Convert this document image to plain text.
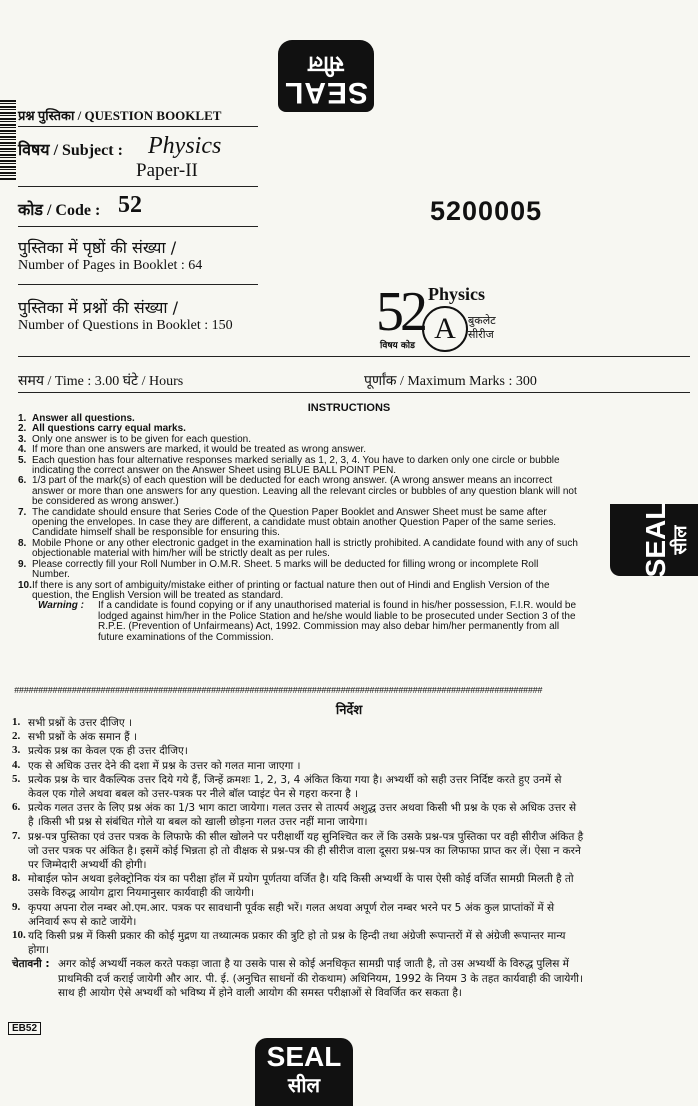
SEAL
सील
SEAL सील
SEAL
सील
प्रश्न पुस्तिका / QUESTION BOOKLET
विषय / Subject : Physics
Paper-II
कोड / Code : 52	5200005
पुस्तिका में पृष्ठों की संख्या /
Number of Pages in Booklet : 64
पुस्तिका में प्रश्नों की संख्या /
Number of Questions in Booklet : 150	52 Physics
A	बुकलेट
सीरीज
विषय कोड
समय / Time : 3.00 घंटे / Hours	पूर्णांक / Maximum Marks : 300
INSTRUCTIONS
1. Answer all questions.
2. All questions carry equal marks.
3. Only one answer is to be given for each question.
4. If more than one answers are marked, it would be treated as wrong answer.
5. Each question has four alternative responses marked serially as 1, 2, 3, 4. You have to darken only one circle or bubble indicating the correct answer on the Answer Sheet using BLUE BALL POINT PEN.
6. 1/3 part of the mark(s) of each question will be deducted for each wrong answer. (A wrong answer means an incorrect answer or more than one answers for any question. Leaving all the relevant circles or bubbles of any question blank will not be considered as wrong answer.)
7. The candidate should ensure that Series Code of the Question Paper Booklet and Answer Sheet must be same after opening the envelopes. In case they are different, a candidate must obtain another Question Paper of the same series. Candidate himself shall be responsible for ensuring this.
8. Mobile Phone or any other electronic gadget in the examination hall is strictly prohibited. A candidate found with any of such objectionable material with him/her will be strictly dealt as per rules.
9. Please correctly fill your Roll Number in O.M.R. Sheet. 5 marks will be deducted for filling wrong or incomplete Roll Number.
10. If there is any sort of ambiguity/mistake either of printing or factual nature then out of Hindi and English Version of the question, the English Version will be treated as standard.
Warning :	If a candidate is found copying or if any unauthorised material is found in his/her possession, F.I.R. would be lodged against him/her in the Police Station and he/she would liable to be prosecuted under Section 3 of the R.P.E. (Prevention of Unfairmeans) Act, 1992. Commission may also debar him/her permanently from all future examinations of the Commission.
##############################################################################################################
निर्देश
1. सभी प्रश्नों के उत्तर दीजिए ।
2. सभी प्रश्नों के अंक समान हैं ।
3. प्रत्येक प्रश्न का केवल एक ही उत्तर दीजिए।
4. एक से अधिक उत्तर देने की दशा में प्रश्न के उत्तर को गलत माना जाएगा ।
5. प्रत्येक प्रश्न के चार वैकल्पिक उत्तर दिये गये हैं, जिन्हें क्रमशः 1, 2, 3, 4 अंकित किया गया है। अभ्यर्थी को सही उत्तर निर्दिष्ट करते हुए उनमें से केवल एक गोले अथवा बबल को उत्तर-पत्रक पर नीले बॉल प्वाइंट पेन से गहरा करना है ।
6. प्रत्येक गलत उत्तर के लिए प्रश्न अंक का 1/3 भाग काटा जायेगा। गलत उत्तर से तात्पर्य अशुद्ध उत्तर अथवा किसी भी प्रश्न के एक से अधिक उत्तर से है ।किसी भी प्रश्न से संबंधित गोले या बबल को खाली छोड़ना गलत उत्तर नहीं माना जायेगा।
7. प्रश्न-पत्र पुस्तिका एवं उत्तर पत्रक के लिफाफे की सील खोलने पर परीक्षार्थी यह सुनिश्चित कर लें कि उसके प्रश्न-पत्र पुस्तिका पर वही सीरीज अंकित है जो उत्तर पत्रक पर अंकित है। इसमें कोई भिन्नता हो तो वीक्षक से प्रश्न-पत्र की ही सीरीज वाला दूसरा प्रश्न-पत्र का लिफाफा प्राप्त कर लें। ऐसा न करने पर जिम्मेदारी अभ्यर्थी की होगी।
8. मोबाईल फोन अथवा इलेक्ट्रोनिक यंत्र का परीक्षा हॉल में प्रयोग पूर्णतया वर्जित है। यदि किसी अभ्यर्थी के पास ऐसी कोई वर्जित सामग्री मिलती है तो उसके विरुद्ध आयोग द्वारा नियमानुसार कार्यवाही की जायेगी।
9. कृपया अपना रोल नम्बर ओ.एम.आर. पत्रक पर सावधानी पूर्वक सही भरें। गलत अथवा अपूर्ण रोल नम्बर भरने पर 5 अंक कुल प्राप्तांकों में से अनिवार्य रूप से काटे जायेंगे।
10. यदि किसी प्रश्न में किसी प्रकार की कोई मुद्रण या तथ्यात्मक प्रकार की त्रुटि हो तो प्रश्न के हिन्दी तथा अंग्रेजी रूपान्तरों में से अंग्रेजी रूपान्तर मान्य होगा।
चेतावनी : अगर कोई अभ्यर्थी नकल करते पकड़ा जाता है या उसके पास से कोई अनधिकृत सामग्री पाई जाती है, तो उस अभ्यर्थी के विरुद्ध पुलिस में प्राथमिकी दर्ज कराई जायेगी और आर. पी. ई. (अनुचित साधनों की रोकथाम) अधिनियम, 1992 के नियम 3 के तहत कार्यवाही की जायेगी। साथ ही आयोग ऐसे अभ्यर्थी को भविष्य में होने वाली आयोग की समस्त परीक्षाओं से विवर्जित कर सकता है।
EB52
